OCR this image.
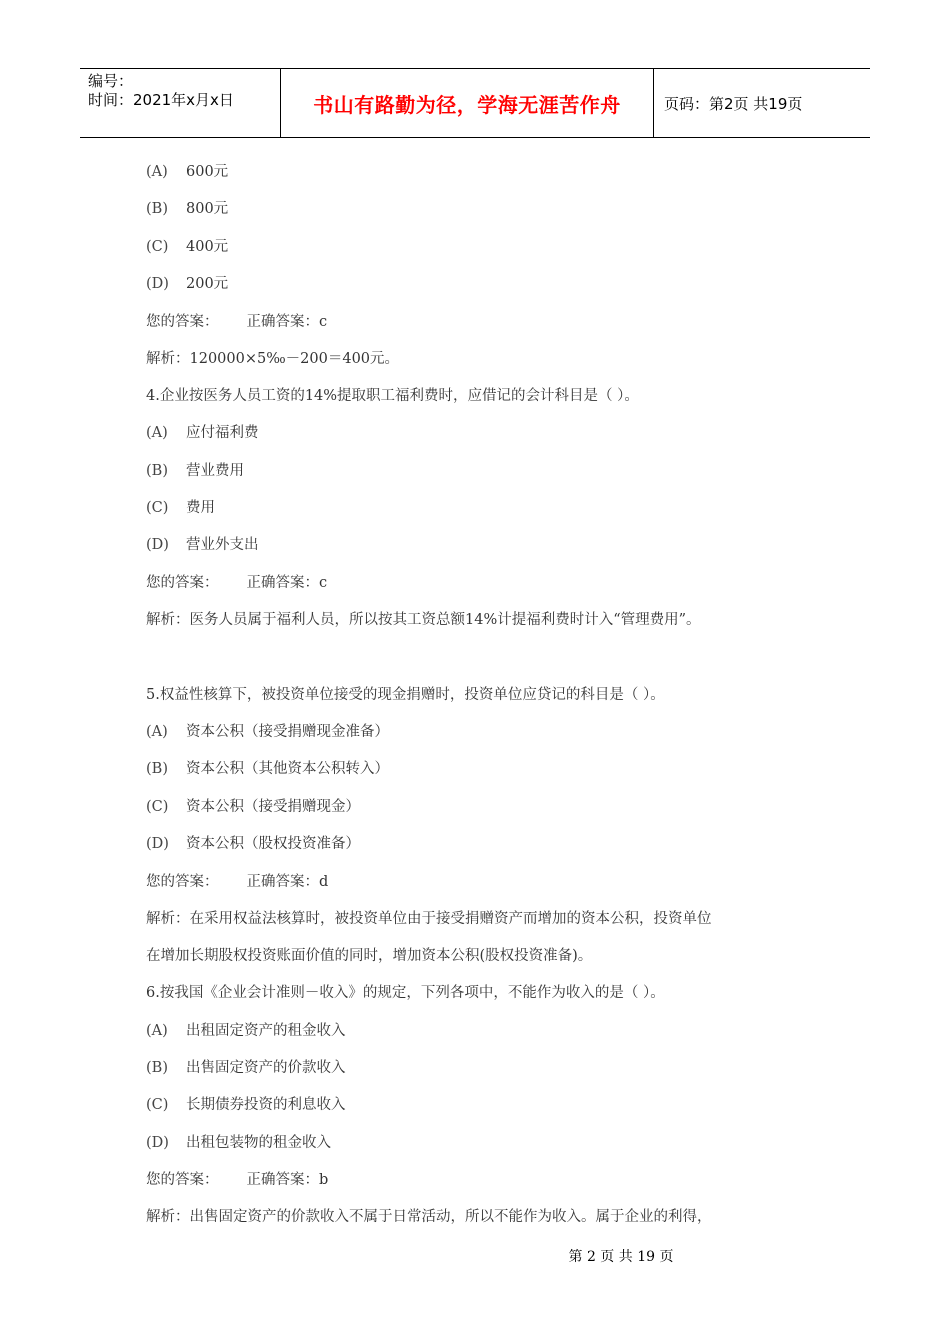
编号：
时间：2021年x月x日	书山有路勤为径，学海无涯苦作舟	页码：第2页 共19页
(A) 600元
(B) 800元
(C) 400元
(D) 200元
您的答案： 正确答案：c
解析：120000×5‰－200＝400元。
4.企业按医务人员工资的14%提取职工福利费时，应借记的会计科目是（ ）。
(A) 应付福利费
(B) 营业费用
(C) 费用
(D) 营业外支出
您的答案： 正确答案：c
解析：医务人员属于福利人员，所以按其工资总额14%计提福利费时计入“管理费用”。
5.权益性核算下，被投资单位接受的现金捐赠时，投资单位应贷记的科目是（ ）。
(A) 资本公积（接受捐赠现金准备）
(B) 资本公积（其他资本公积转入）
(C) 资本公积（接受捐赠现金）
(D) 资本公积（股权投资准备）
您的答案： 正确答案：d
解析：在采用权益法核算时，被投资单位由于接受捐赠资产而增加的资本公积，投资单位
在增加长期股权投资账面价值的同时，增加资本公积(股权投资准备)。
6.按我国《企业会计准则－收入》的规定，下列各项中，不能作为收入的是（ ）。
(A) 出租固定资产的租金收入
(B) 出售固定资产的价款收入
(C) 长期债券投资的利息收入
(D) 出租包装物的租金收入
您的答案： 正确答案：b
解析：出售固定资产的价款收入不属于日常活动，所以不能作为收入。属于企业的利得，
第 2 页 共 19 页
